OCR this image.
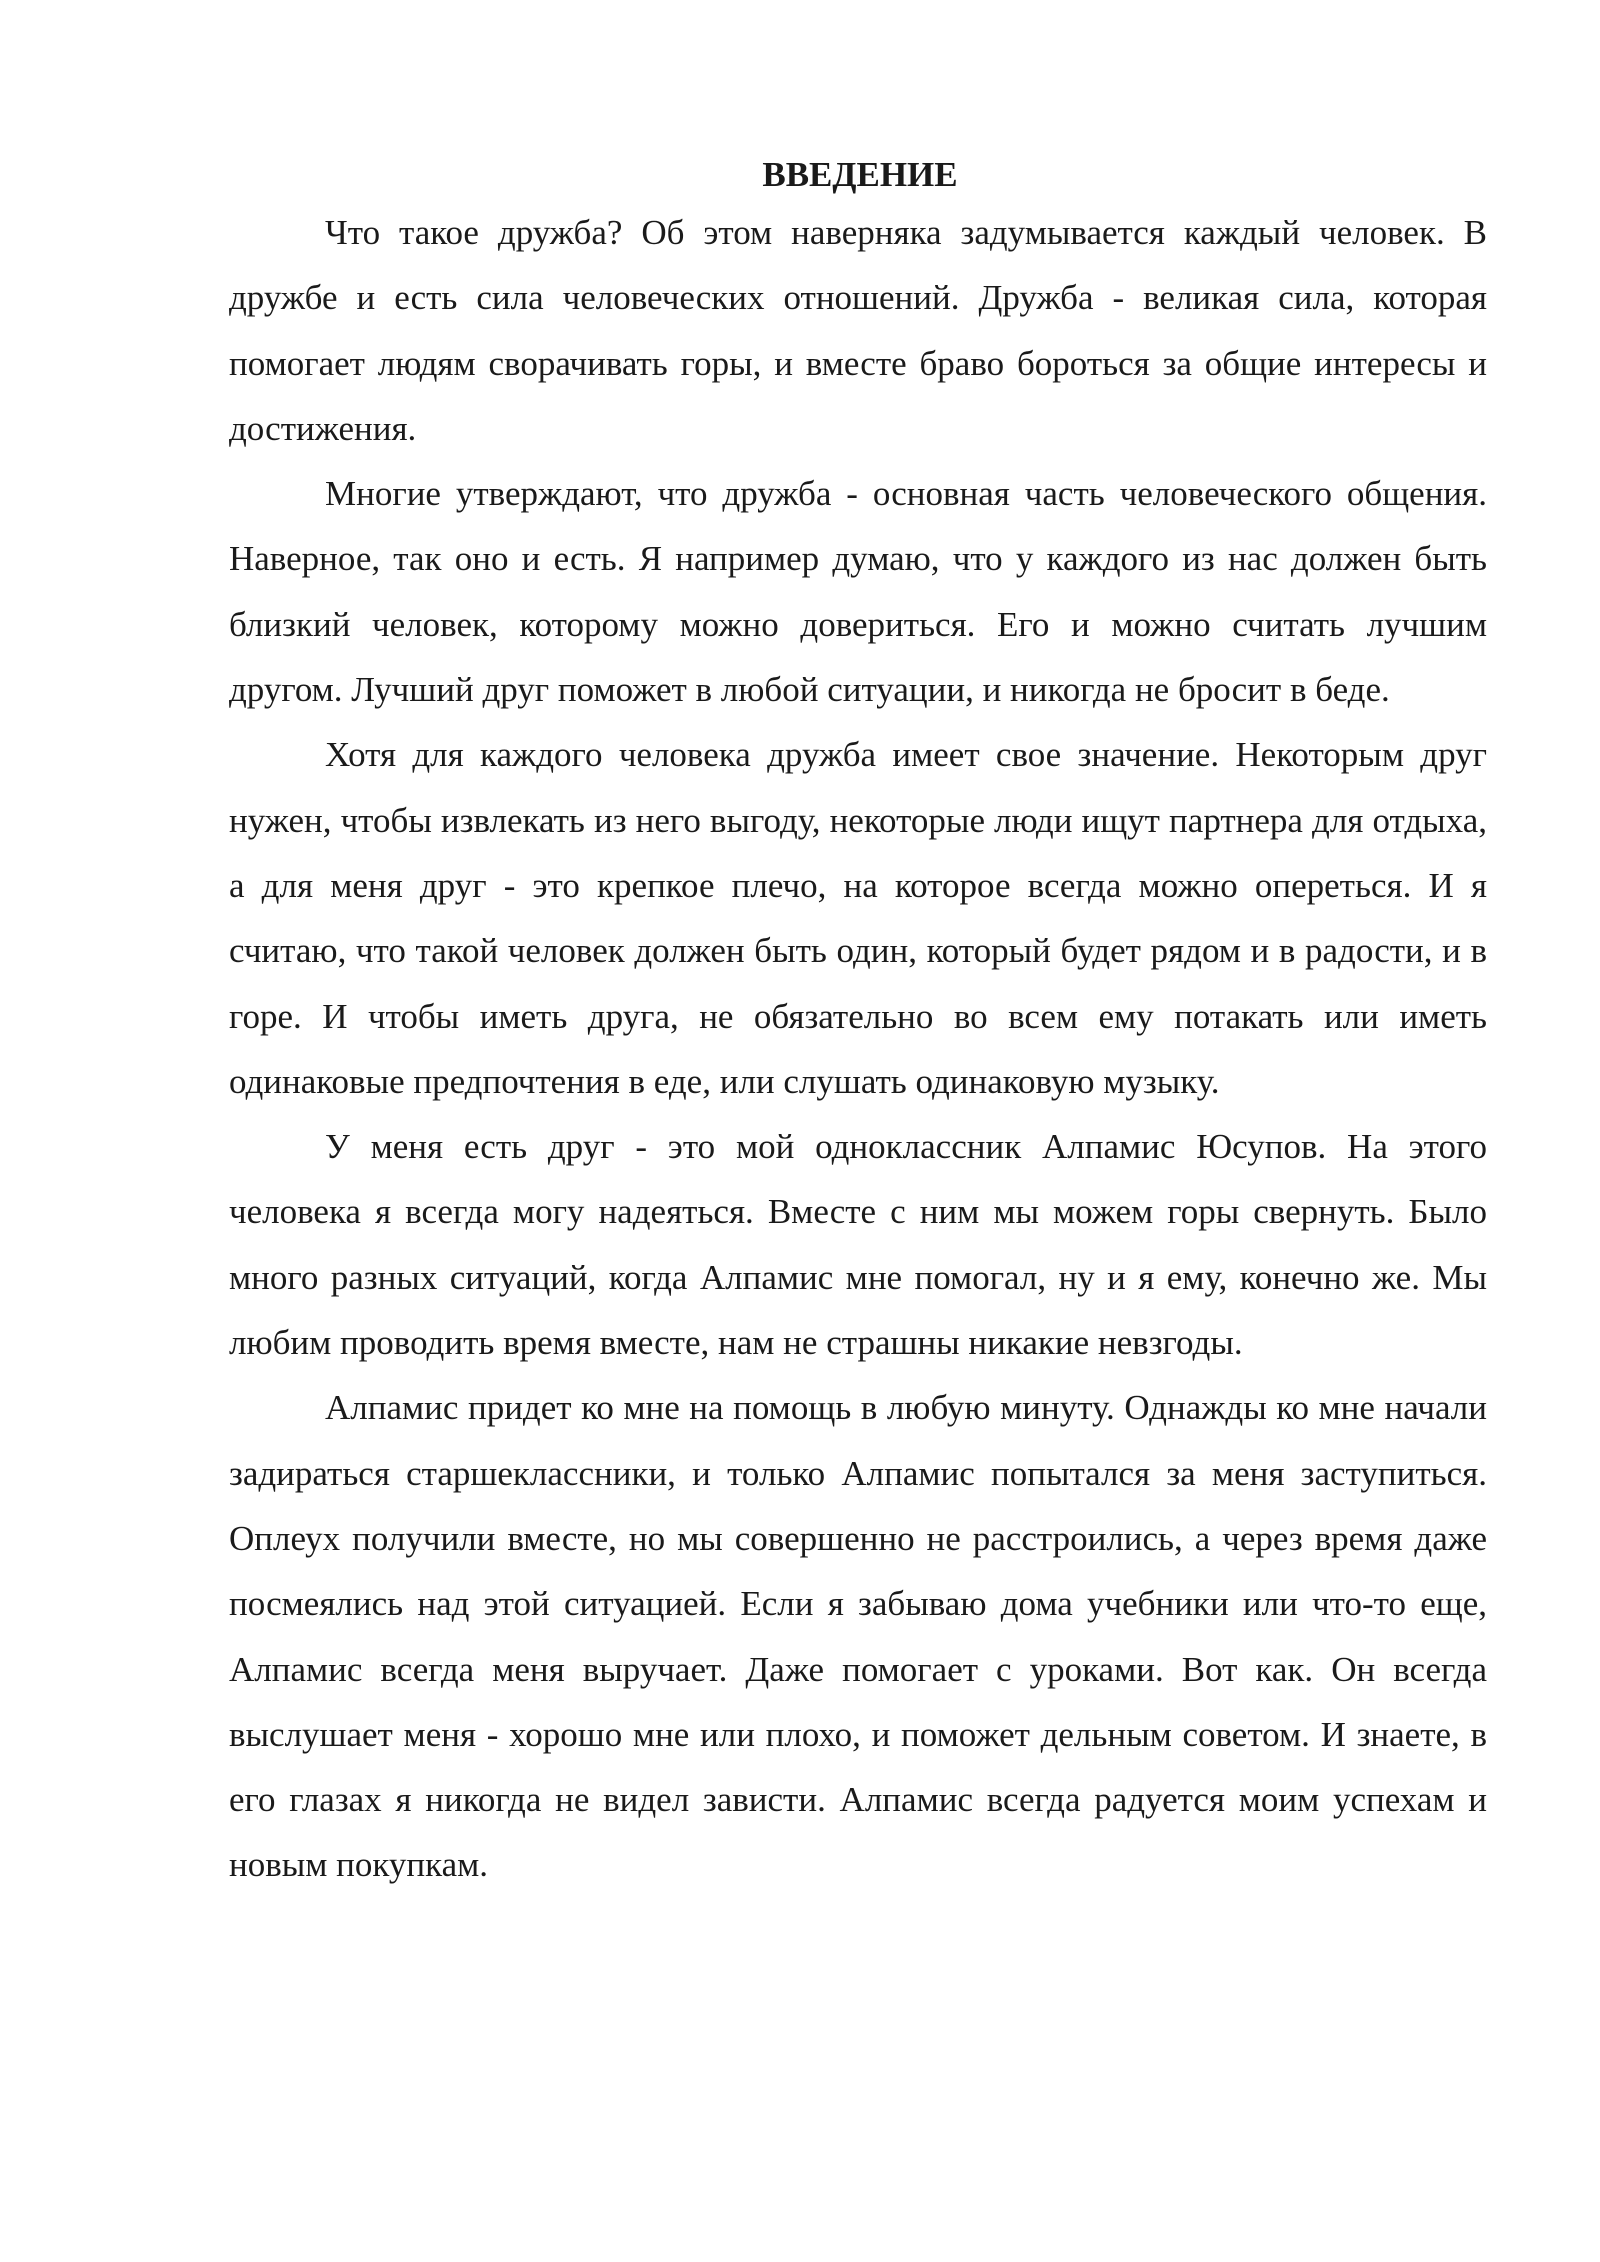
ВВЕДЕНИЕ

Что такое дружба? Об этом наверняка задумывается каждый человек. В дружбе и есть сила человеческих отношений. Дружба - великая сила, которая помогает людям сворачивать горы, и вместе браво бороться за общие интересы и достижения.

Многие утверждают, что дружба - основная часть человеческого общения. Наверное, так оно и есть. Я например думаю, что у каждого из нас должен быть близкий человек, которому можно довериться. Его и можно считать лучшим другом. Лучший друг поможет в любой ситуации, и никогда не бросит в беде.

Хотя для каждого человека дружба имеет свое значение. Некоторым друг нужен, чтобы извлекать из него выгоду, некоторые люди ищут партнера для отдыха, а для меня друг - это крепкое плечо, на которое всегда можно опереться. И я считаю, что такой человек должен быть один, который будет рядом и в радости, и в горе. И чтобы иметь друга, не обязательно во всем ему потакать или иметь одинаковые предпочтения в еде, или слушать одинаковую музыку.

У меня есть друг - это мой одноклассник Алпамис Юсупов. На этого человека я всегда могу надеяться. Вместе с ним мы можем горы свернуть. Было много разных ситуаций, когда Алпамис мне помогал, ну и я ему, конечно же. Мы любим проводить время вместе, нам не страшны никакие невзгоды.

Алпамис придет ко мне на помощь в любую минуту. Однажды ко мне начали задираться старшеклассники, и только Алпамис попытался за меня заступиться. Оплеух получили вместе, но мы совершенно не расстроились, а через время даже посмеялись над этой ситуацией. Если я забываю дома учебники или что-то еще, Алпамис всегда меня выручает. Даже помогает с уроками. Вот как. Он всегда выслушает меня - хорошо мне или плохо, и поможет дельным советом. И знаете, в его глазах я никогда не видел зависти. Алпамис всегда радуется моим успехам и новым покупкам.
